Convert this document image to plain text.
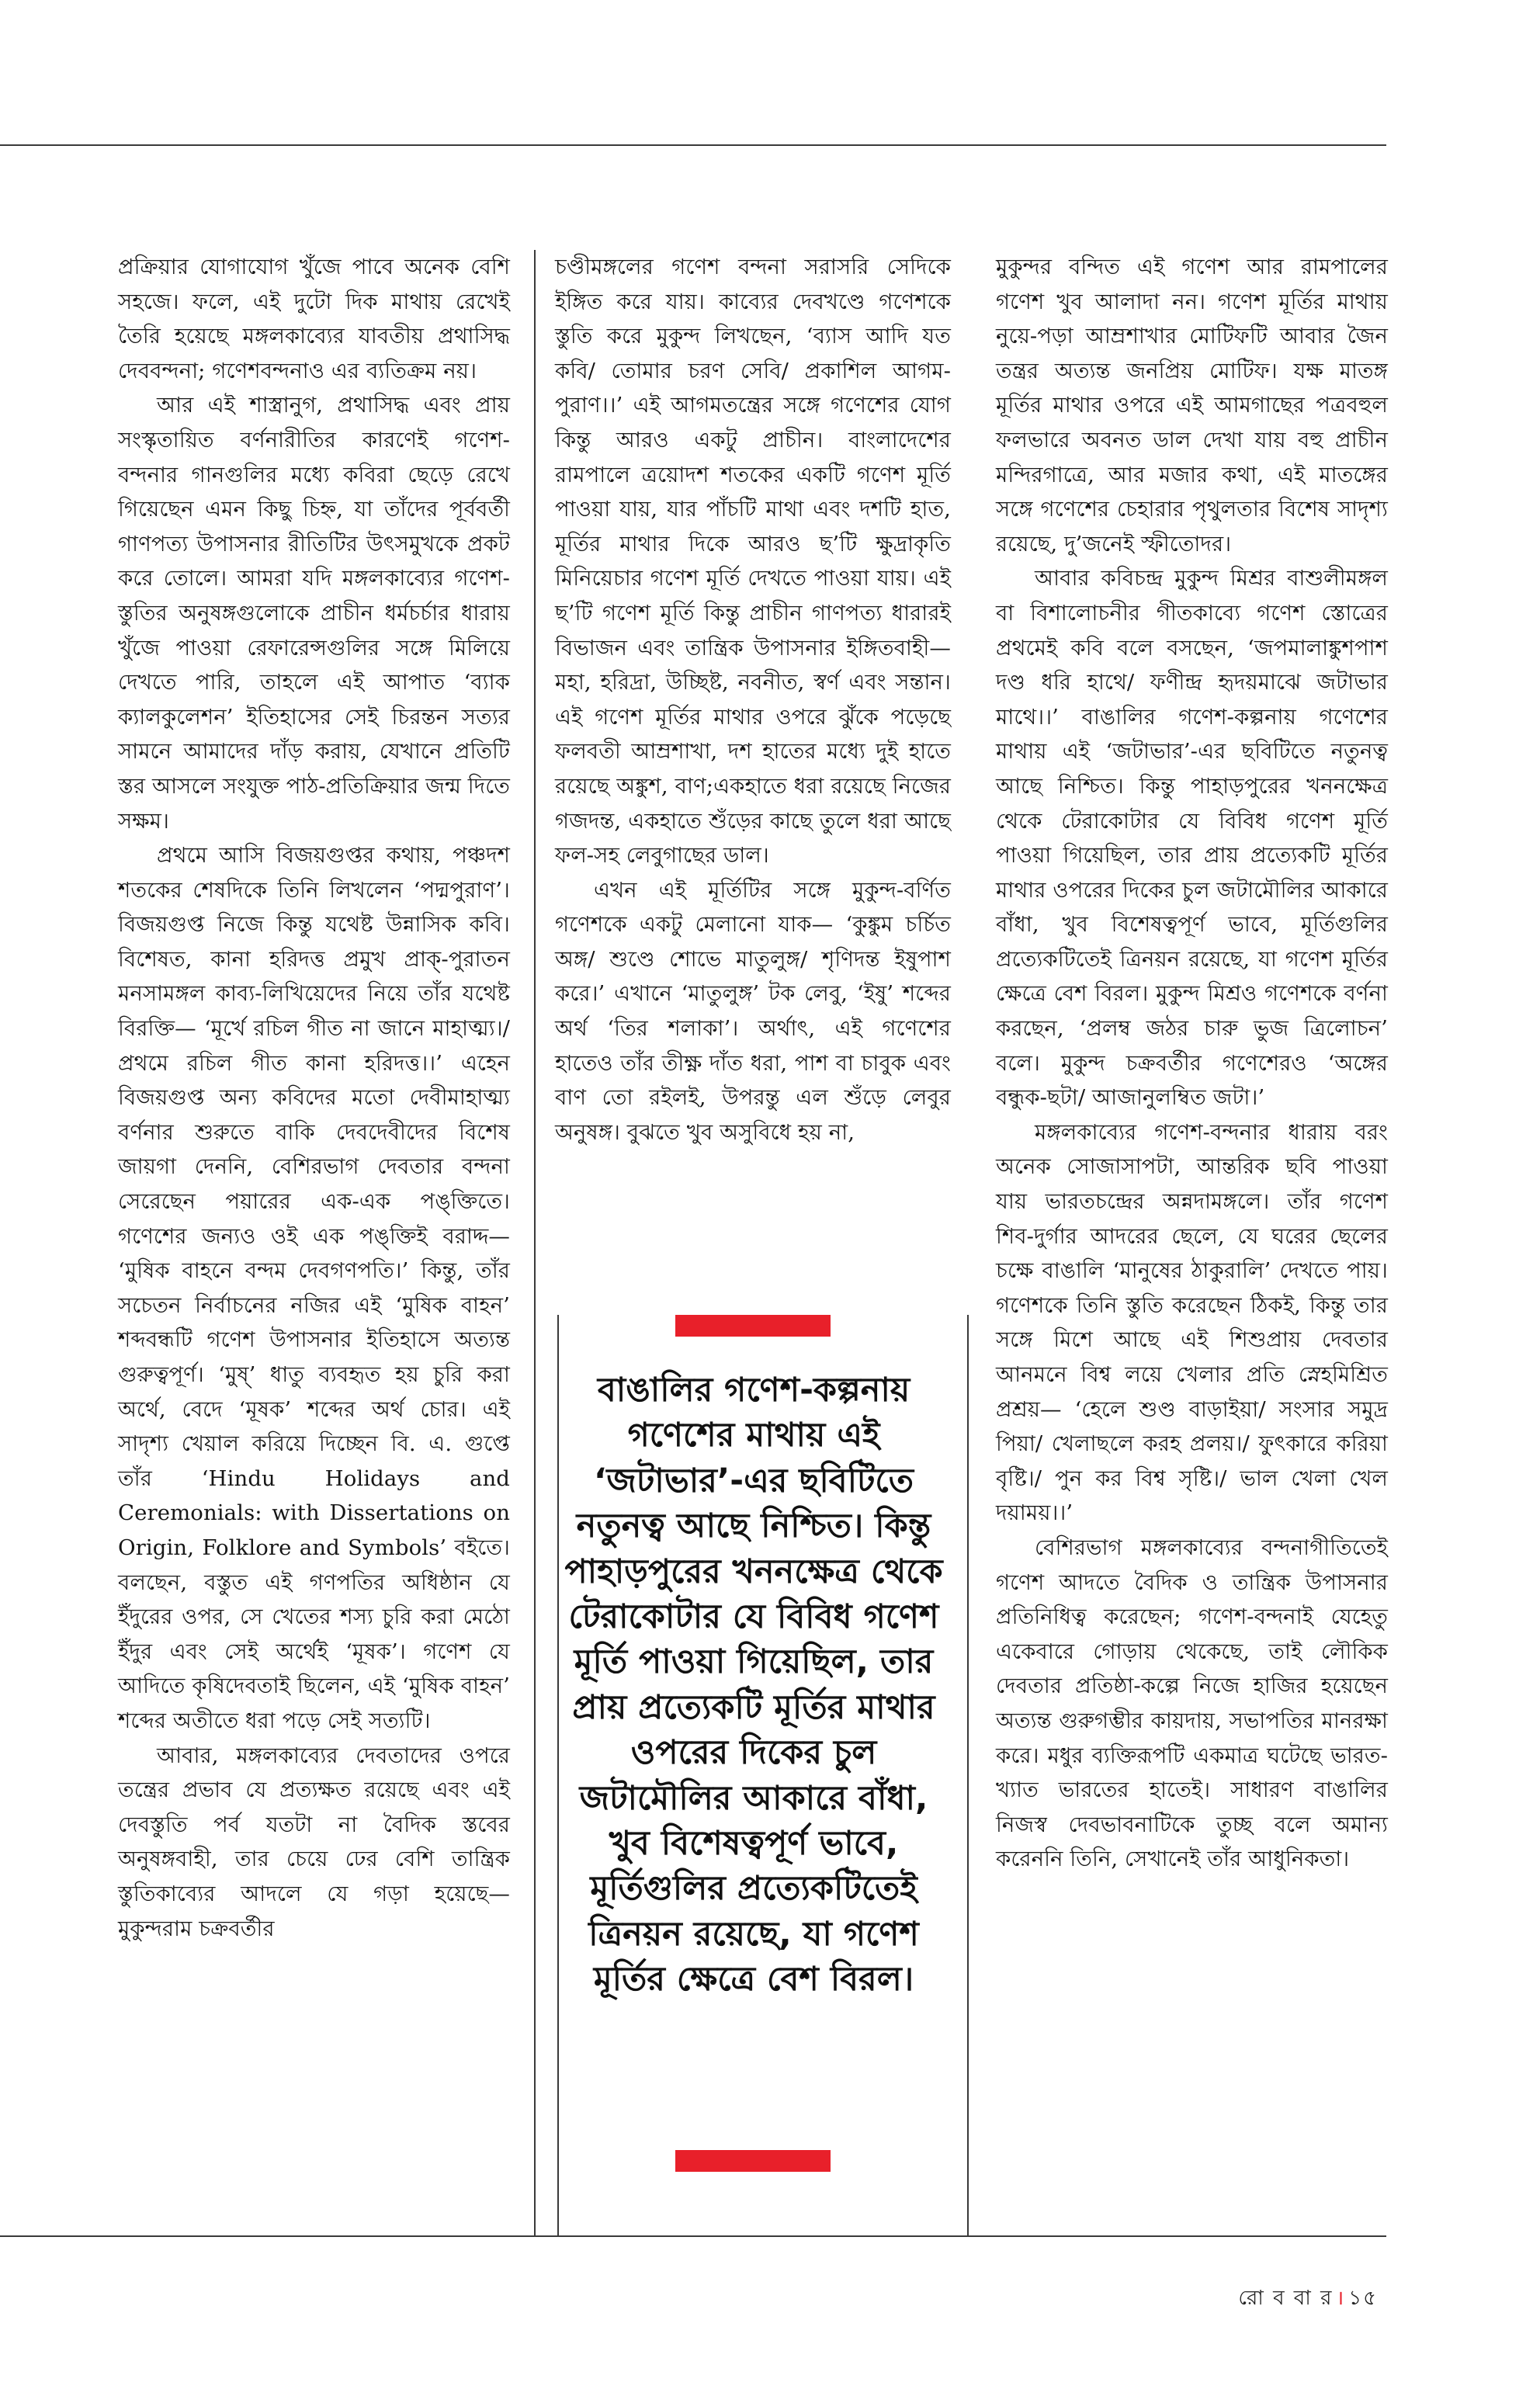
প্রক্রিয়ার যোগাযোগ খুঁজে পাবে অনেক বেশি সহজে। ফলে, এই দুটো দিক মাথায় রেখেই তৈরি হয়েছে মঙ্গলকাব্যের যাবতীয় প্রথাসিদ্ধ দেববন্দনা; গণেশবন্দনাও এর ব্যতিক্রম নয়।

আর এই শাস্ত্রানুগ, প্রথাসিদ্ধ এবং প্রায় সংস্কৃতায়িত বর্ণনারীতির কারণেই গণেশ-বন্দনার গানগুলির মধ্যে কবিরা ছেড়ে রেখে গিয়েছেন এমন কিছু চিহ্ন, যা তাঁদের পূর্ববর্তী গাণপত্য উপাসনার রীতিটির উৎসমুখকে প্রকট করে তোলে। আমরা যদি মঙ্গলকাব্যের গণেশ-স্তুতির অনুষঙ্গগুলোকে প্রাচীন ধর্মচর্চার ধারায় খুঁজে পাওয়া রেফারেন্সগুলির সঙ্গে মিলিয়ে দেখতে পারি, তাহলে এই আপাত ‘ব্যাক ক্যালকুলেশন’ ইতিহাসের সেই চিরন্তন সত্যর সামনে আমাদের দাঁড় করায়, যেখানে প্রতিটি স্তর আসলে সংযুক্ত পাঠ-প্রতিক্রিয়ার জন্ম দিতে সক্ষম।

প্রথমে আসি বিজয়গুপ্তর কথায়, পঞ্চদশ শতকের শেষদিকে তিনি লিখলেন ‘পদ্মপুরাণ’। বিজয়গুপ্ত নিজে কিন্তু যথেষ্ট উন্নাসিক কবি। বিশেষত, কানা হরিদত্ত প্রমুখ প্রাক্-পুরাতন মনসামঙ্গল কাব্য-লিখিয়েদের নিয়ে তাঁর যথেষ্ট বিরক্তি— ‘মূর্খে রচিল গীত না জানে মাহাত্ম্য।/ প্রথমে রচিল গীত কানা হরিদত্ত।।’ এহেন বিজয়গুপ্ত অন্য কবিদের মতো দেবীমাহাত্ম্য বর্ণনার শুরুতে বাকি দেবদেবীদের বিশেষ জায়গা দেননি, বেশিরভাগ দেবতার বন্দনা সেরেছেন পয়ারের এক-এক পঙ্‌ক্তিতে। গণেশের জন্যও ওই এক পঙ্‌ক্তিই বরাদ্দ— ‘মুষিক বাহনে বন্দম দেবগণপতি।’ কিন্তু, তাঁর সচেতন নির্বাচনের নজির এই ‘মুষিক বাহন’ শব্দবন্ধটি গণেশ উপাসনার ইতিহাসে অত্যন্ত গুরুত্বপূর্ণ। ‘মুষ্’ ধাতু ব্যবহৃত হয় চুরি করা অর্থে, বেদে ‘মূষক’ শব্দের অর্থ চোর। এই সাদৃশ্য খেয়াল করিয়ে দিচ্ছেন বি. এ. গুপ্তে তাঁর ‘Hindu Holidays and Ceremonials: with Dissertations on Origin, Folklore and Symbols’ বইতে। বলছেন, বস্তুত এই গণপতির অধিষ্ঠান যে ইঁদুরের ওপর, সে খেতের শস্য চুরি করা মেঠো ইঁদুর এবং সেই অর্থেই ‘মূষক’। গণেশ যে আদিতে কৃষিদেবতাই ছিলেন, এই ‘মুষিক বাহন’ শব্দের অতীতে ধরা পড়ে সেই সত্যটি।

আবার, মঙ্গলকাব্যের দেবতাদের ওপরে তন্ত্রের প্রভাব যে প্রত্যক্ষত রয়েছে এবং এই দেবস্তুতি পর্ব যতটা না বৈদিক স্তবের অনুষঙ্গবাহী, তার চেয়ে ঢের বেশি তান্ত্রিক স্তুতিকাব্যের আদলে যে গড়া হয়েছে— মুকুন্দরাম চক্রবর্তীর

চণ্ডীমঙ্গলের গণেশ বন্দনা সরাসরি সেদিকে ইঙ্গিত করে যায়। কাব্যের দেবখণ্ডে গণেশকে স্তুতি করে মুকুন্দ লিখছেন, ‘ব্যাস আদি যত কবি/ তোমার চরণ সেবি/ প্রকাশিল আগম-পুরাণ।।’ এই আগমতন্ত্রের সঙ্গে গণেশের যোগ কিন্তু আরও একটু প্রাচীন। বাংলাদেশের রামপালে ত্রয়োদশ শতকের একটি গণেশ মূর্তি পাওয়া যায়, যার পাঁচটি মাথা এবং দশটি হাত, মূর্তির মাথার দিকে আরও ছ’টি ক্ষুদ্রাকৃতি মিনিয়েচার গণেশ মূর্তি দেখতে পাওয়া যায়। এই ছ’টি গণেশ মূর্তি কিন্তু প্রাচীন গাণপত্য ধারারই বিভাজন এবং তান্ত্রিক উপাসনার ইঙ্গিতবাহী— মহা, হরিদ্রা, উচ্ছিষ্ট, নবনীত, স্বর্ণ এবং সন্তান। এই গণেশ মূর্তির মাথার ওপরে ঝুঁকে পড়েছে ফলবতী আম্রশাখা, দশ হাতের মধ্যে দুই হাতে রয়েছে অঙ্কুশ, বাণ;একহাতে ধরা রয়েছে নিজের গজদন্ত, একহাতে শুঁড়ের কাছে তুলে ধরা আছে ফল-সহ লেবুগাছের ডাল।

এখন এই মূর্তিটির সঙ্গে মুকুন্দ-বর্ণিত গণেশকে একটু মেলানো যাক— ‘কুঙ্কুম চর্চিত অঙ্গ/ শুণ্ডে শোভে মাতুলুঙ্গ/ শৃণিদন্ত ইষুপাশ করে।’ এখানে ‘মাতুলুঙ্গ’ টক লেবু, ‘ইষু’ শব্দের অর্থ ‘তির শলাকা’। অর্থাৎ, এই গণেশের হাতেও তাঁর তীক্ষ্ণ দাঁত ধরা, পাশ বা চাবুক এবং বাণ তো রইলই, উপরন্তু এল শুঁড়ে লেবুর অনুষঙ্গ। বুঝতে খুব অসুবিধে হয় না,

বাঙালির গণেশ-কল্পনায় গণেশের মাথায় এই ‘জটাভার’-এর ছবিটিতে নতুনত্ব আছে নিশ্চিত। কিন্তু পাহাড়পুরের খননক্ষেত্র থেকে টেরাকোটার যে বিবিধ গণেশ মূর্তি পাওয়া গিয়েছিল, তার প্রায় প্রত্যেকটি মূর্তির মাথার ওপরের দিকের চুল জটামৌলির আকারে বাঁধা, খুব বিশেষত্বপূর্ণ ভাবে, মূর্তিগুলির প্রত্যেকটিতেই ত্রিনয়ন রয়েছে, যা গণেশ মূর্তির ক্ষেত্রে বেশ বিরল।

মুকুন্দর বন্দিত এই গণেশ আর রামপালের গণেশ খুব আলাদা নন। গণেশ মূর্তির মাথায় নুয়ে-পড়া আম্রশাখার মোটিফটি আবার জৈন তন্ত্রর অত্যন্ত জনপ্রিয় মোটিফ। যক্ষ মাতঙ্গ মূর্তির মাথার ওপরে এই আমগাছের পত্রবহুল ফলভারে অবনত ডাল দেখা যায় বহু প্রাচীন মন্দিরগাত্রে, আর মজার কথা, এই মাতঙ্গের সঙ্গে গণেশের চেহারার পৃথুলতার বিশেষ সাদৃশ্য রয়েছে, দু’জনেই স্ফীতোদর।

আবার কবিচন্দ্র মুকুন্দ মিশ্রর বাশুলীমঙ্গল বা বিশালোচনীর গীতকাব্যে গণেশ স্তোত্রের প্রথমেই কবি বলে বসছেন, ‘জপমালাঙ্কুশপাশ দণ্ড ধরি হাথে/ ফণীন্দ্র হৃদয়মাঝে জটাভার মাথে।।’ বাঙালির গণেশ-কল্পনায় গণেশের মাথায় এই ‘জটাভার’-এর ছবিটিতে নতুনত্ব আছে নিশ্চিত। কিন্তু পাহাড়পুরের খননক্ষেত্র থেকে টেরাকোটার যে বিবিধ গণেশ মূর্তি পাওয়া গিয়েছিল, তার প্রায় প্রত্যেকটি মূর্তির মাথার ওপরের দিকের চুল জটামৌলির আকারে বাঁধা, খুব বিশেষত্বপূর্ণ ভাবে, মূর্তিগুলির প্রত্যেকটিতেই ত্রিনয়ন রয়েছে, যা গণেশ মূর্তির ক্ষেত্রে বেশ বিরল। মুকুন্দ মিশ্রও গণেশকে বর্ণনা করছেন, ‘প্রলম্ব জঠর চারু ভুজ ত্রিলোচন’ বলে। মুকুন্দ চক্রবর্তীর গণেশেরও ‘অঙ্গের বন্ধুক-ছটা/ আজানুলম্বিত জটা।’

মঙ্গলকাব্যের গণেশ-বন্দনার ধারায় বরং অনেক সোজাসাপটা, আন্তরিক ছবি পাওয়া যায় ভারতচন্দ্রের অন্নদামঙ্গলে। তাঁর গণেশ শিব-দুর্গার আদরের ছেলে, যে ঘরের ছেলের চক্ষে বাঙালি ‘মানুষের ঠাকুরালি’ দেখতে পায়। গণেশকে তিনি স্তুতি করেছেন ঠিকই, কিন্তু তার সঙ্গে মিশে আছে এই শিশুপ্রায় দেবতার আনমনে বিশ্ব লয়ে খেলার প্রতি স্নেহমিশ্রিত প্রশ্রয়— ‘হেলে শুণ্ড বাড়াইয়া/ সংসার সমুদ্র পিয়া/ খেলাছলে করহ প্রলয়।/ ফুৎকারে করিয়া বৃষ্টি।/ পুন কর বিশ্ব সৃষ্টি।/ ভাল খেলা খেল দয়াময়।।’

বেশিরভাগ মঙ্গলকাব্যের বন্দনাগীতিতেই গণেশ আদতে বৈদিক ও তান্ত্রিক উপাসনার প্রতিনিধিত্ব করেছেন; গণেশ-বন্দনাই যেহেতু একেবারে গোড়ায় থেকেছে, তাই লৌকিক দেবতার প্রতিষ্ঠা-কল্পে নিজে হাজির হয়েছেন অত্যন্ত গুরুগম্ভীর কায়দায়, সভাপতির মানরক্ষা করে। মধুর ব্যক্তিরূপটি একমাত্র ঘটেছে ভারত-খ্যাত ভারতের হাতেই। সাধারণ বাঙালির নিজস্ব দেবভাবনাটিকে তুচ্ছ বলে অমান্য করেননি তিনি, সেখানেই তাঁর আধুনিকতা।

রো ব বা র । ১৫
